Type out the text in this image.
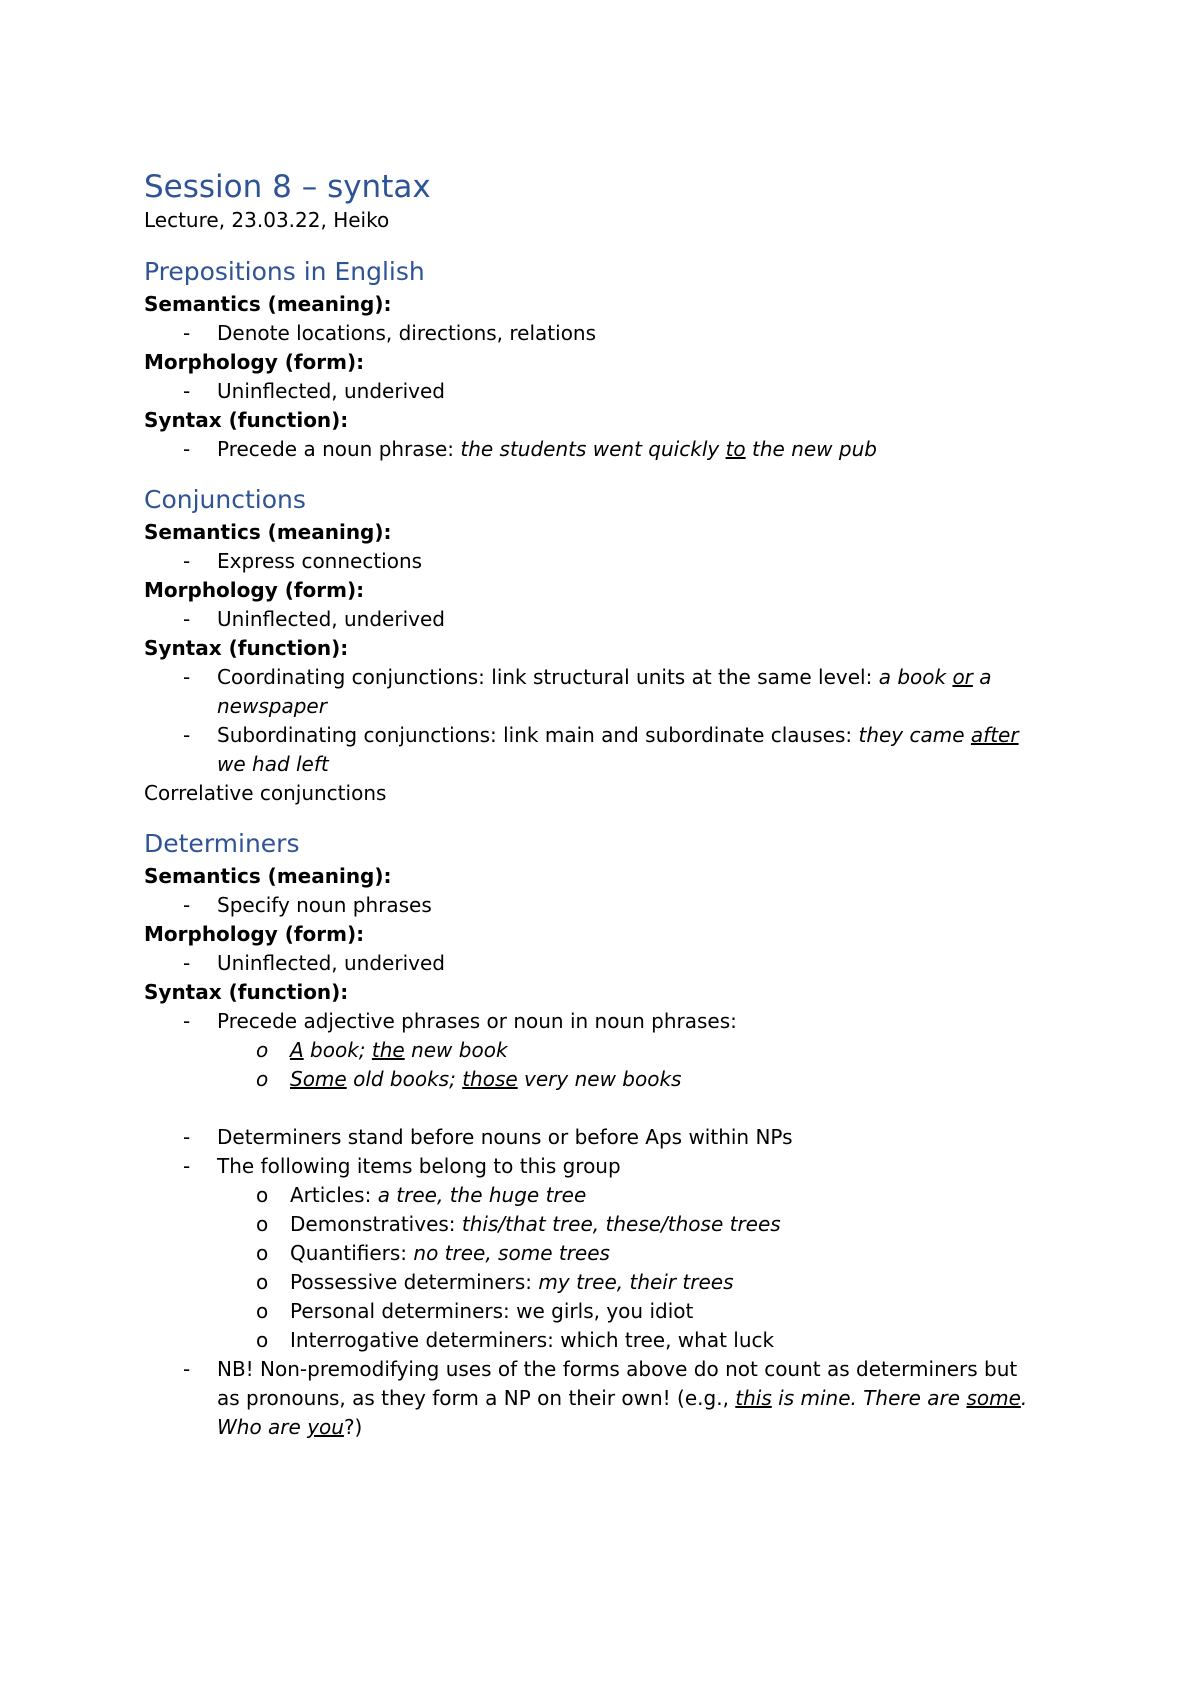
Session 8 – syntax

Lecture, 23.03.22, Heiko

Prepositions in English

Semantics (meaning):

- Denote locations, directions, relations

Morphology (form):

- Uninflected, underived

Syntax (function):

- Precede a noun phrase: the students went quickly to the new pub
Conjunctions

Semantics (meaning):

- Express connections

Morphology (form):

- Uninflected, underived

Syntax (function):

- Coordinating conjunctions: link structural units at the same level: a book or a newspaper
- Subordinating conjunctions: link main and subordinate clauses: they came after we had left

Correlative conjunctions

Determiners

Semantics (meaning):

- Specify noun phrases

Morphology (form):

- Uninflected, underived

Syntax (function):

- Precede adjective phrases or noun in noun phrases:
o A book; the new book
o Some old books; those very new books
- Determiners stand before nouns or before Aps within NPs
- The following items belong to this group
o Articles: a tree, the huge tree
o Demonstratives: this/that tree, these/those trees
o Quantifiers: no tree, some trees
o Possessive determiners: my tree, their trees
o Personal determiners: we girls, you idiot
o Interrogative determiners: which tree, what luck
- NB! Non-premodifying uses of the forms above do not count as determiners but as pronouns, as they form a NP on their own! (e.g., this is mine. There are some. Who are you?)
